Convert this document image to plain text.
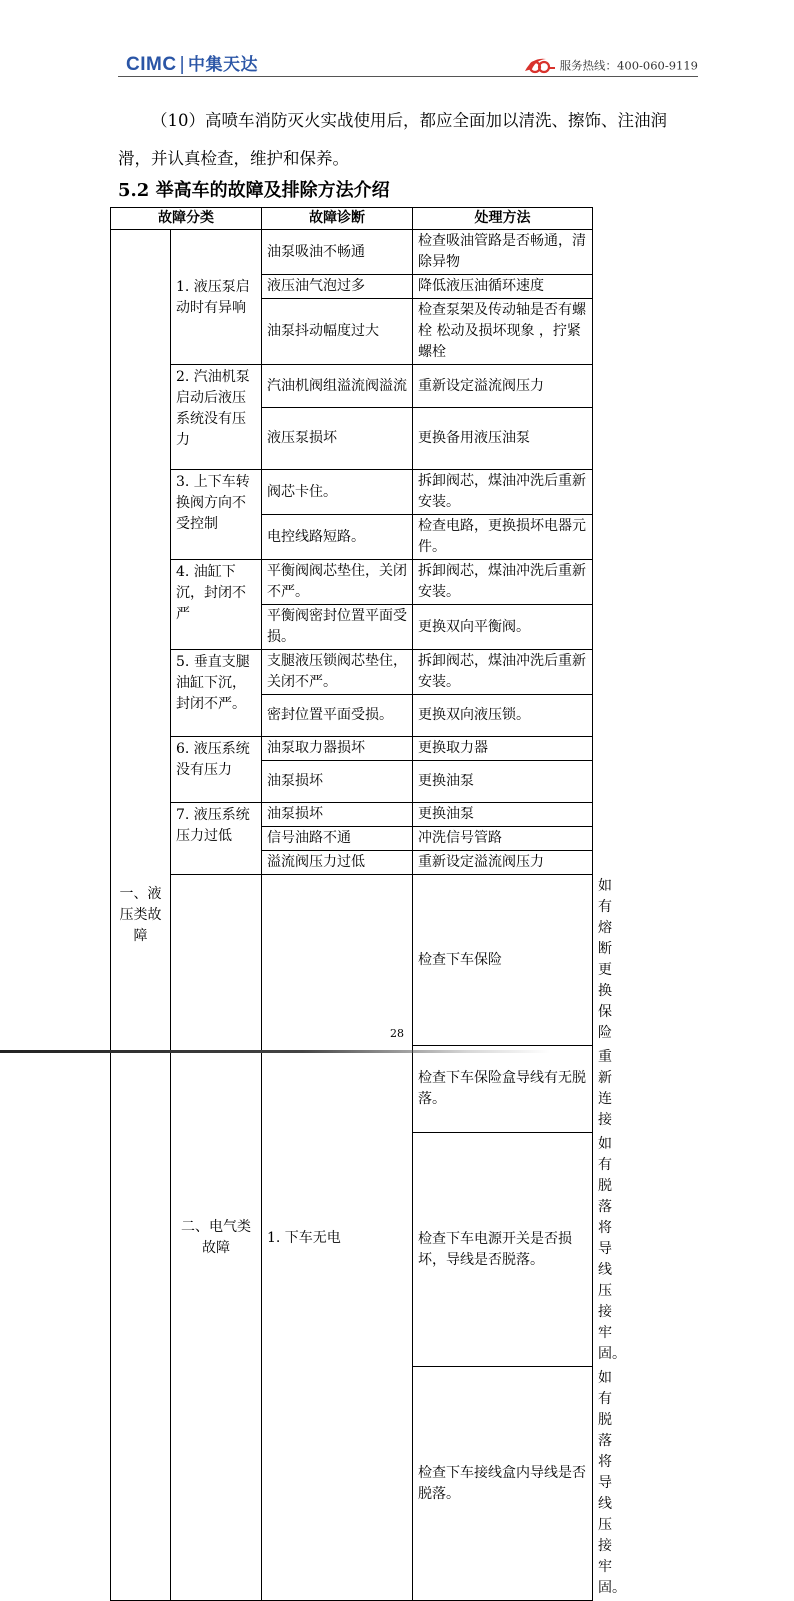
CIMC | 中集天达	服务热线：400-060-9119

（10）高喷车消防灭火实战使用后，都应全面加以清洗、擦饰、注油润滑，并认真检查，维护和保养。

5.2 举高车的故障及排除方法介绍
故障分类		故障诊断	处理方法	
一、液压类故障	1. 液压泵启动时有异响	油泵吸油不畅通	检查吸油管路是否畅通，清除异物	
		液压油气泡过多	降低液压油循环速度	
		油泵抖动幅度过大	检查泵架及传动轴是否有螺栓 松动及损坏现象 ，拧紧螺栓	
	2. 汽油机泵启动后液压系统没有压力	汽油机阀组溢流阀溢流	重新设定溢流阀压力	
		液压泵损坏	更换备用液压油泵	
	3. 上下车转换阀方向不受控制	阀芯卡住。	拆卸阀芯，煤油冲洗后重新安装。	
		电控线路短路。	检查电路，更换损坏电器元件。	
	4. 油缸下沉，封闭不严	平衡阀阀芯垫住，关闭不严。	拆卸阀芯，煤油冲洗后重新安装。	
		平衡阀密封位置平面受损。	更换双向平衡阀。	
	5. 垂直支腿油缸下沉，封闭不严。	支腿液压锁阀芯垫住，关闭不严。	拆卸阀芯，煤油冲洗后重新安装。	
		密封位置平面受损。	更换双向液压锁。	
	6. 液压系统没有压力	油泵取力器损坏	更换取力器	
		油泵损坏	更换油泵	
	7. 液压系统压力过低	油泵损坏	更换油泵	
		信号油路不通	冲洗信号管路	
		溢流阀压力过低	重新设定溢流阀压力	
	二、电气类故障	1. 下车无电	检查下车保险	如有熔断更换保险
			检查下车保险盒导线有无脱落。	重新连接
			检查下车电源开关是否损坏，导线是否脱落。	如有脱落将导线压接牢固。
			检查下车接线盒内导线是否脱落。	如有脱落将导线压接牢固。
28
